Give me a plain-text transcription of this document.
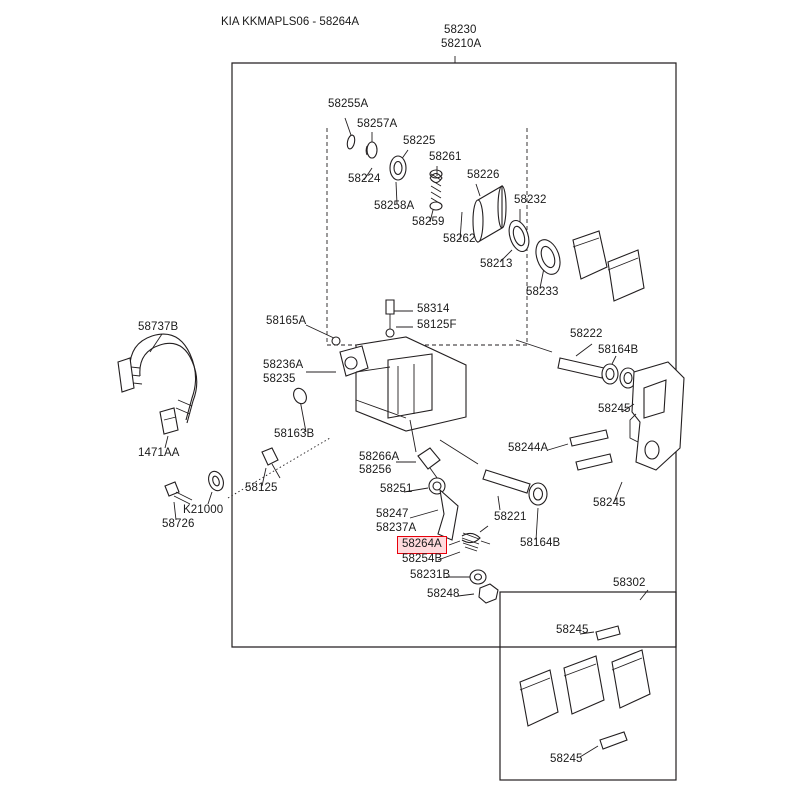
KIA KKMAPLS06 - 58264A
58230
58210A
58255A
58257A
58225
58261
58224	58226
58258A	58232
58259
58262
58213
58233
58737B	58165A
58314
58125F
58222
58164B
58236A
58235
58245
58163B
1471AA	58266A
58256
58244A
58125	58251
58245
58221
58726
K21000	58247
58237A
58164B
58264A
58254B
58302
58231B
58248
58245
58245
